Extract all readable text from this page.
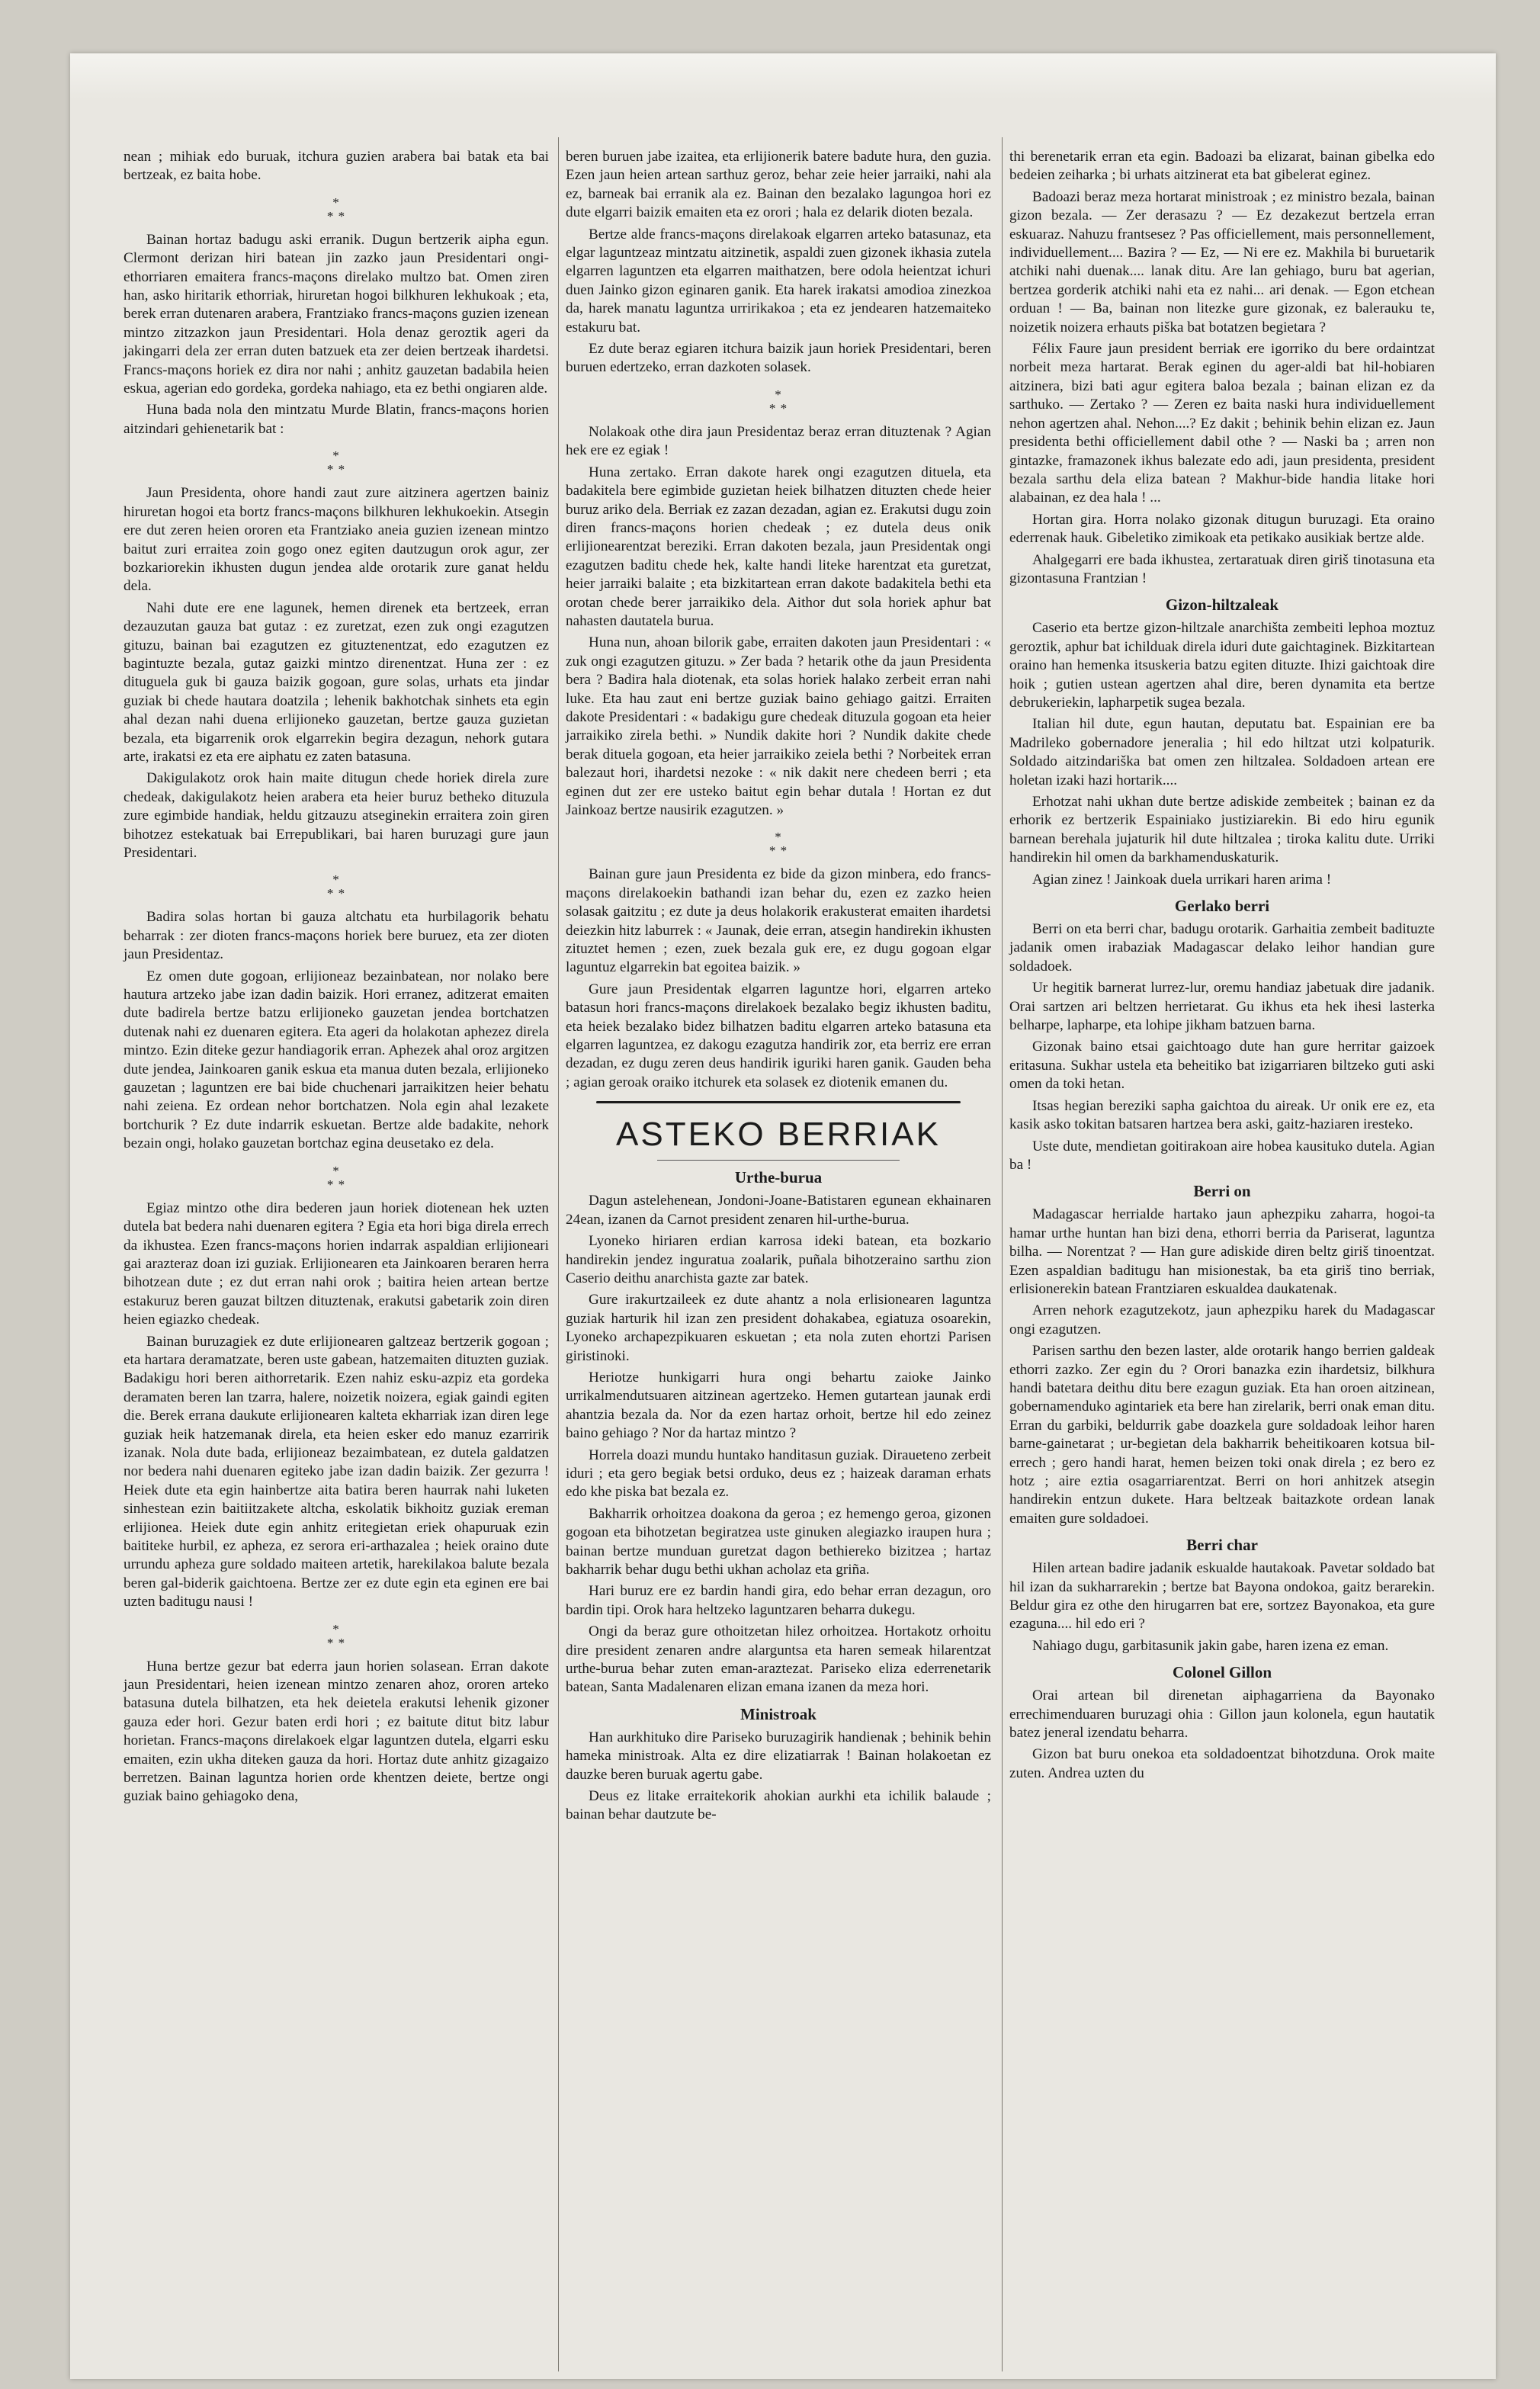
nean ; mihiak edo buruak, itchura guzien arabera bai batak eta bai bertzeak, ez baita hobe.

*
* *

Bainan hortaz badugu aski erranik. Dugun bertzerik aipha egun. Clermont derizan hiri batean jin zazko jaun Presidentari ongi-ethorriaren emaitera francs-maçons direlako multzo bat. Omen ziren han, asko hiritarik ethorriak, hiruretan hogoi bilkhuren lekhukoak ; eta, berek erran dutenaren arabera, Frantziako francs-maçons guzien izenean mintzo zitzazkon jaun Presidentari. Hola denaz geroztik ageri da jakingarri dela zer erran duten batzuek eta zer deien bertzeak ihardetsi. Francs-maçons horiek ez dira nor nahi ; anhitz gauzetan badabila heien eskua, agerian edo gordeka, gordeka nahiago, eta ez bethi ongiaren alde.

Huna bada nola den mintzatu Murde Blatin, francs-maçons horien aitzindari gehienetarik bat :

*
* *

Jaun Presidenta, ohore handi zaut zure aitzinera agertzen bainiz hiruretan hogoi eta bortz francs-maçons bilkhuren lekhukoekin. Atsegin ere dut zeren heien ororen eta Frantziako aneia guzien izenean mintzo baitut zuri erraitea zoin gogo onez egiten dautzugun orok agur, zer bozkariorekin ikhusten dugun jendea alde orotarik zure ganat heldu dela.

Nahi dute ere ene lagunek, hemen direnek eta bertzeek, erran dezauzutan gauza bat gutaz : ez zuretzat, ezen zuk ongi ezagutzen gituzu, bainan bai ezagutzen ez gituztenentzat, edo ezagutzen ez bagintuzte bezala, gutaz gaizki mintzo direnentzat. Huna zer : ez dituguela guk bi gauza baizik gogoan, gure solas, urhats eta jindar guziak bi chede hautara doatzila ; lehenik bakhotchak sinhets eta egin ahal dezan nahi duena erlijioneko gauzetan, bertze gauza guzietan bezala, eta bigarrenik orok elgarrekin begira dezagun, nehork gutara arte, irakatsi ez eta ere aiphatu ez zaten batasuna.

Dakigulakotz orok hain maite ditugun chede horiek direla zure chedeak, dakigulakotz heien arabera eta heier buruz betheko dituzula zure egimbide handiak, heldu gitzauzu atseginekin erraitera zoin giren bihotzez estekatuak bai Errepublikari, bai haren buruzagi gure jaun Presidentari.

*
* *

Badira solas hortan bi gauza altchatu eta hurbilagorik behatu beharrak : zer dioten francs-maçons horiek bere buruez, eta zer dioten jaun Presidentaz.

Ez omen dute gogoan, erlijioneaz bezainbatean, nor nolako bere hautura artzeko jabe izan dadin baizik. Hori erranez, aditzerat emaiten dute badirela bertze batzu erlijioneko gauzetan jendea bortchatzen dutenak nahi ez duenaren egitera. Eta ageri da holakotan aphezez direla mintzo. Ezin diteke gezur handiagorik erran. Aphezek ahal oroz argitzen dute jendea, Jainkoaren ganik eskua eta manua duten bezala, erlijioneko gauzetan ; laguntzen ere bai bide chuchenari jarraikitzen heier behatu nahi zeiena. Ez ordean nehor bortchatzen. Nola egin ahal lezakete bortchurik ? Ez dute indarrik eskuetan. Bertze alde badakite, nehork bezain ongi, holako gauzetan bortchaz egina deusetako ez dela.

*
* *

Egiaz mintzo othe dira bederen jaun horiek diotenean hek uzten dutela bat bedera nahi duenaren egitera ? Egia eta hori biga direla errech da ikhustea. Ezen francs-maçons horien indarrak aspaldian erlijioneari gai arazteraz doan izi guziak. Erlijionearen eta Jainkoaren beraren herra bihotzean dute ; ez dut erran nahi orok ; baitira heien artean bertze estakuruz beren gauzat biltzen dituztenak, erakutsi gabetarik zoin diren heien egiazko chedeak.

Bainan buruzagiek ez dute erlijionearen galtzeaz bertzerik gogoan ; eta hartara deramatzate, beren uste gabean, hatzemaiten dituzten guziak. Badakigu hori beren aithorretarik. Ezen nahiz esku-azpiz eta gordeka deramaten beren lan tzarra, halere, noizetik noizera, egiak gaindi egiten die. Berek errana daukute erlijionearen kalteta ekharriak izan diren lege guziak heik hatzemanak direla, eta heien esker edo manuz ezarririk izanak. Nola dute bada, erlijioneaz bezaimbatean, ez dutela galdatzen nor bedera nahi duenaren egiteko jabe izan dadin baizik. Zer gezurra ! Heiek dute eta egin hainbertze aita batira beren haurrak nahi luketen sinhestean ezin baitiitzakete altcha, eskolatik bikhoitz guziak ereman erlijionea. Heiek dute egin anhitz eritegietan eriek ohapuruak ezin baititeke hurbil, ez apheza, ez serora eri-arthazalea ; heiek oraino dute urrundu apheza gure soldado maiteen artetik, harekilakoa balute bezala beren gal-biderik gaichtoena. Bertze zer ez dute egin eta eginen ere bai uzten baditugu nausi !

*
* *

Huna bertze gezur bat ederra jaun horien solasean. Erran dakote jaun Presidentari, heien izenean mintzo zenaren ahoz, ororen arteko batasuna dutela bilhatzen, eta hek deietela erakutsi lehenik gizoner gauza eder hori. Gezur baten erdi hori ; ez baitute ditut bitz labur horietan. Francs-maçons direlakoek elgar laguntzen dutela, elgarri esku emaiten, ezin ukha diteken gauza da hori. Hortaz dute anhitz gizagaizo berretzen. Bainan laguntza horien orde khentzen deiete, bertze ongi guziak baino gehiagoko dena,

beren buruen jabe izaitea, eta erlijionerik batere badute hura, den guzia. Ezen jaun heien artean sarthuz geroz, behar zeie heier jarraiki, nahi ala ez, barneak bai erranik ala ez. Bainan den bezalako lagungoa hori ez dute elgarri baizik emaiten eta ez orori ; hala ez delarik dioten bezala.

Bertze alde francs-maçons direlakoak elgarren arteko batasunaz, eta elgar laguntzeaz mintzatu aitzinetik, aspaldi zuen gizonek ikhasia zutela elgarren laguntzen eta elgarren maithatzen, bere odola heientzat ichuri duen Jainko gizon eginaren ganik. Eta harek irakatsi amodioa zinezkoa da, harek manatu laguntza urririkakoa ; eta ez jendearen hatzemaiteko estakuru bat.

Ez dute beraz egiaren itchura baizik jaun horiek Presidentari, beren buruen edertzeko, erran dazkoten solasek.

*
* *

Nolakoak othe dira jaun Presidentaz beraz erran dituztenak ? Agian hek ere ez egiak !

Huna zertako. Erran dakote harek ongi ezagutzen dituela, eta badakitela bere egimbide guzietan heiek bilhatzen dituzten chede heier buruz ariko dela. Berriak ez zazan dezadan, agian ez. Erakutsi dugu zoin diren francs-maçons horien chedeak ; ez dutela deus onik erlijionearentzat bereziki. Erran dakoten bezala, jaun Presidentak ongi ezagutzen baditu chede hek, kalte handi liteke harentzat eta guretzat, heier jarraiki balaite ; eta bizkitartean erran dakote badakitela bethi eta orotan chede berer jarraikiko dela. Aithor dut sola horiek aphur bat nahasten dautatela burua.

Huna nun, ahoan bilorik gabe, erraiten dakoten jaun Presidentari : « zuk ongi ezagutzen gituzu. » Zer bada ? hetarik othe da jaun Presidenta bera ? Badira hala diotenak, eta solas horiek halako zerbeit erran nahi luke. Eta hau zaut eni bertze guziak baino gehiago gaitzi. Erraiten dakote Presidentari : « badakigu gure chedeak dituzula gogoan eta heier jarraikiko zirela bethi. » Nundik dakite hori ? Nundik dakite chede berak dituela gogoan, eta heier jarraikiko zeiela bethi ? Norbeitek erran balezaut hori, ihardetsi nezoke : « nik dakit nere chedeen berri ; eta eginen dut zer ere usteko baitut egin behar dutala ! Hortan ez dut Jainkoaz bertze nausirik ezagutzen. »

*
* *

Bainan gure jaun Presidenta ez bide da gizon minbera, edo francs-maçons direlakoekin bathandi izan behar du, ezen ez zazko heien solasak gaitzitu ; ez dute ja deus holakorik erakusterat emaiten ihardetsi deiezkin hitz laburrek : « Jaunak, deie erran, atsegin handirekin ikhusten zituztet hemen ; ezen, zuek bezala guk ere, ez dugu gogoan elgar laguntuz elgarrekin bat egoitea baizik. »

Gure jaun Presidentak elgarren laguntze hori, elgarren arteko batasun hori francs-maçons direlakoek bezalako begiz ikhusten baditu, eta heiek bezalako bidez bilhatzen baditu elgarren arteko batasuna eta elgarren laguntzea, ez dakogu ezagutza handirik zor, eta berriz ere erran dezadan, ez dugu zeren deus handirik iguriki haren ganik. Gauden beha ; agian geroak oraiko itchurek eta solasek ez diotenik emanen du.

ASTEKO BERRIAK
Urthe-burua

Dagun astelehenean, Jondoni-Joane-Batistaren egunean ekhainaren 24ean, izanen da Carnot president zenaren hil-urthe-burua.

Lyoneko hiriaren erdian karrosa ideki batean, eta bozkario handirekin jendez inguratua zoalarik, puñala bihotzeraino sarthu zion Caserio deithu anarchista gazte zar batek.

Gure irakurtzaileek ez dute ahantz a nola erlisionearen laguntza guziak harturik hil izan zen president dohakabea, egiatuza osoarekin, Lyoneko archapezpikuaren eskuetan ; eta nola zuten ehortzi Parisen giristinoki.

Heriotze hunkigarri hura ongi behartu zaioke Jainko urrikalmendutsuaren aitzinean agertzeko. Hemen gutartean jaunak erdi ahantzia bezala da. Nor da ezen hartaz orhoit, bertze hil edo zeinez baino gehiago ? Nor da hartaz mintzo ?

Horrela doazi mundu huntako handitasun guziak. Diraueteno zerbeit iduri ; eta gero begiak betsi orduko, deus ez ; haizeak daraman erhats edo khe piska bat bezala ez.

Bakharrik orhoitzea doakona da geroa ; ez hemengo geroa, gizonen gogoan eta bihotzetan begiratzea uste ginuken alegiazko iraupen hura ; bainan bertze munduan guretzat dagon bethiereko bizitzea ; hartaz bakharrik behar dugu bethi ukhan acholaz eta griña.

Hari buruz ere ez bardin handi gira, edo behar erran dezagun, oro bardin tipi. Orok hara heltzeko laguntzaren beharra dukegu.

Ongi da beraz gure othoitzetan hilez orhoitzea. Hortakotz orhoitu dire president zenaren andre alarguntsa eta haren semeak hilarentzat urthe-burua behar zuten eman-araztezat. Pariseko eliza ederrenetarik batean, Santa Madalenaren elizan emana izanen da meza hori.

Ministroak

Han aurkhituko dire Pariseko buruzagirik handienak ; behinik behin hameka ministroak. Alta ez dire elizatiarrak ! Bainan holakoetan ez dauzke beren buruak agertu gabe.

Deus ez litake erraitekorik ahokian aurkhi eta ichilik balaude ; bainan behar dautzute be-

thi berenetarik erran eta egin. Badoazi ba elizarat, bainan gibelka edo bedeien zeiharka ; bi urhats aitzinerat eta bat gibelerat eginez.

Badoazi beraz meza hortarat ministroak ; ez ministro bezala, bainan gizon bezala. — Zer derasazu ? — Ez dezakezut bertzela erran eskuaraz. Nahuzu frantsesez ? Pas officiellement, mais personnellement, individuellement.... Bazira ? — Ez, — Ni ere ez. Makhila bi buruetarik atchiki nahi duenak.... lanak ditu. Are lan gehiago, buru bat agerian, bertzea gorderik atchiki nahi eta ez nahi... ari denak. — Egon etchean orduan ! — Ba, bainan non litezke gure gizonak, ez balerauku te, noizetik noizera erhauts piška bat botatzen begietara ?

Félix Faure jaun president berriak ere igorriko du bere ordaintzat norbeit meza hartarat. Berak eginen du ager-aldi bat hil-hobiaren aitzinera, bizi bati agur egitera baloa bezala ; bainan elizan ez da sarthuko. — Zertako ? — Zeren ez baita naski hura individuellement nehon agertzen ahal. Nehon....? Ez dakit ; behinik behin elizan ez. Jaun presidenta bethi officiellement dabil othe ? — Naski ba ; arren non gintazke, framazonek ikhus balezate edo adi, jaun presidenta, president bezala sarthu dela eliza batean ? Makhur-bide handia litake hori alabainan, ez dea hala ! ...

Hortan gira. Horra nolako gizonak ditugun buruzagi. Eta oraino ederrenak hauk. Gibeletiko zimikoak eta petikako ausikiak bertze alde.

Ahalgegarri ere bada ikhustea, zertaratuak diren giriš tinotasuna eta gizontasuna Frantzian !

Gizon-hiltzaleak

Caserio eta bertze gizon-hiltzale anarchišta zembeiti lephoa moztuz geroztik, aphur bat ichilduak direla iduri dute gaichtaginek. Bizkitartean oraino han hemenka itsuskeria batzu egiten dituzte. Ihizi gaichtoak dire hoik ; gutien ustean agertzen ahal dire, beren dynamita eta bertze debrukeriekin, lapharpetik sugea bezala.

Italian hil dute, egun hautan, deputatu bat. Espainian ere ba Madrileko gobernadore jeneralia ; hil edo hiltzat utzi kolpaturik. Soldado aitzindariška bat omen zen hiltzalea. Soldadoen artean ere holetan izaki hazi hortarik....

Erhotzat nahi ukhan dute bertze adiskide zembeitek ; bainan ez da erhorik ez bertzerik Espainiako justiziarekin. Bi edo hiru egunik barnean berehala jujaturik hil dute hiltzalea ; tiroka kalitu dute. Urriki handirekin hil omen da barkhamenduskaturik.

Agian zinez ! Jainkoak duela urrikari haren arima !

Gerlako berri

Berri on eta berri char, badugu orotarik. Garhaitia zembeit badituzte jadanik omen irabaziak Madagascar delako leihor handian gure soldadoek.

Ur hegitik barnerat lurrez-lur, oremu handiaz jabetuak dire jadanik. Orai sartzen ari beltzen herrietarat. Gu ikhus eta hek ihesi lasterka belharpe, lapharpe, eta lohipe jikham batzuen barna.

Gizonak baino etsai gaichtoago dute han gure herritar gaizoek eritasuna. Sukhar ustela eta beheitiko bat izigarriaren biltzeko guti aski omen da toki hetan.

Itsas hegian bereziki sapha gaichtoa du aireak. Ur onik ere ez, eta kasik asko tokitan batsaren hartzea bera aski, gaitz-haziaren irestekо.

Uste dute, mendietan goitirakoan aire hobea kausituko dutela. Agian ba !

Berri on

Madagascar herrialde hartako jaun aphezpiku zaharra, hogoi-ta hamar urthe huntan han bizi dena, ethorri berria da Pariserat, laguntza bilha. — Norentzat ? — Han gure adiskide diren beltz giriš tinoentzat. Ezen aspaldian baditugu han misionestak, ba eta giriš tino berriak, erlisionerekin batean Frantziaren eskualdea daukatenak.

Arren nehork ezagutzekotz, jaun aphezpiku harek du Madagascar ongi ezagutzen.

Parisen sarthu den bezen laster, alde orotarik hango berrien galdeak ethorri zazko. Zer egin du ? Orori banazka ezin ihardetsiz, bilkhura handi batetara deithu ditu bere ezagun guziak. Eta han oroen aitzinean, gobernamenduko agintariek eta bere han zirelarik, berri onak eman ditu. Erran du garbiki, beldurrik gabe doazkela gure soldadoak leihor haren barne-gainetarat ; ur-begietan dela bakharrik beheitikoaren kotsua bil-errech ; gero handi harat, hemen beizen toki onak direla ; ez bero ez hotz ; aire eztia osagarriarentzat. Berri on hori anhitzek atsegin handirekin entzun dukete. Hara beltzeak baitazkote ordean lanak emaiten gure soldadoei.

Berri char

Hilen artean badire jadanik eskualde hautakoak. Pavetar soldado bat hil izan da sukharrarekin ; bertze bat Bayona ondokoa, gaitz berarekin. Beldur gira ez othe den hirugarren bat ere, sortzez Bayonakoa, eta gure ezaguna.... hil edo eri ?

Nahiago dugu, garbitasunik jakin gabe, haren izena ez eman.

Colonel Gillon

Orai artean bil direnetan aiphagarriena da Bayonako errechimenduaren buruzagi ohia : Gillon jaun kolonela, egun hautatik batez jeneral izendatu beharra.

Gizon bat buru onekoa eta soldadoentzat bihotzduna. Orok maite zuten. Andrea uzten du
